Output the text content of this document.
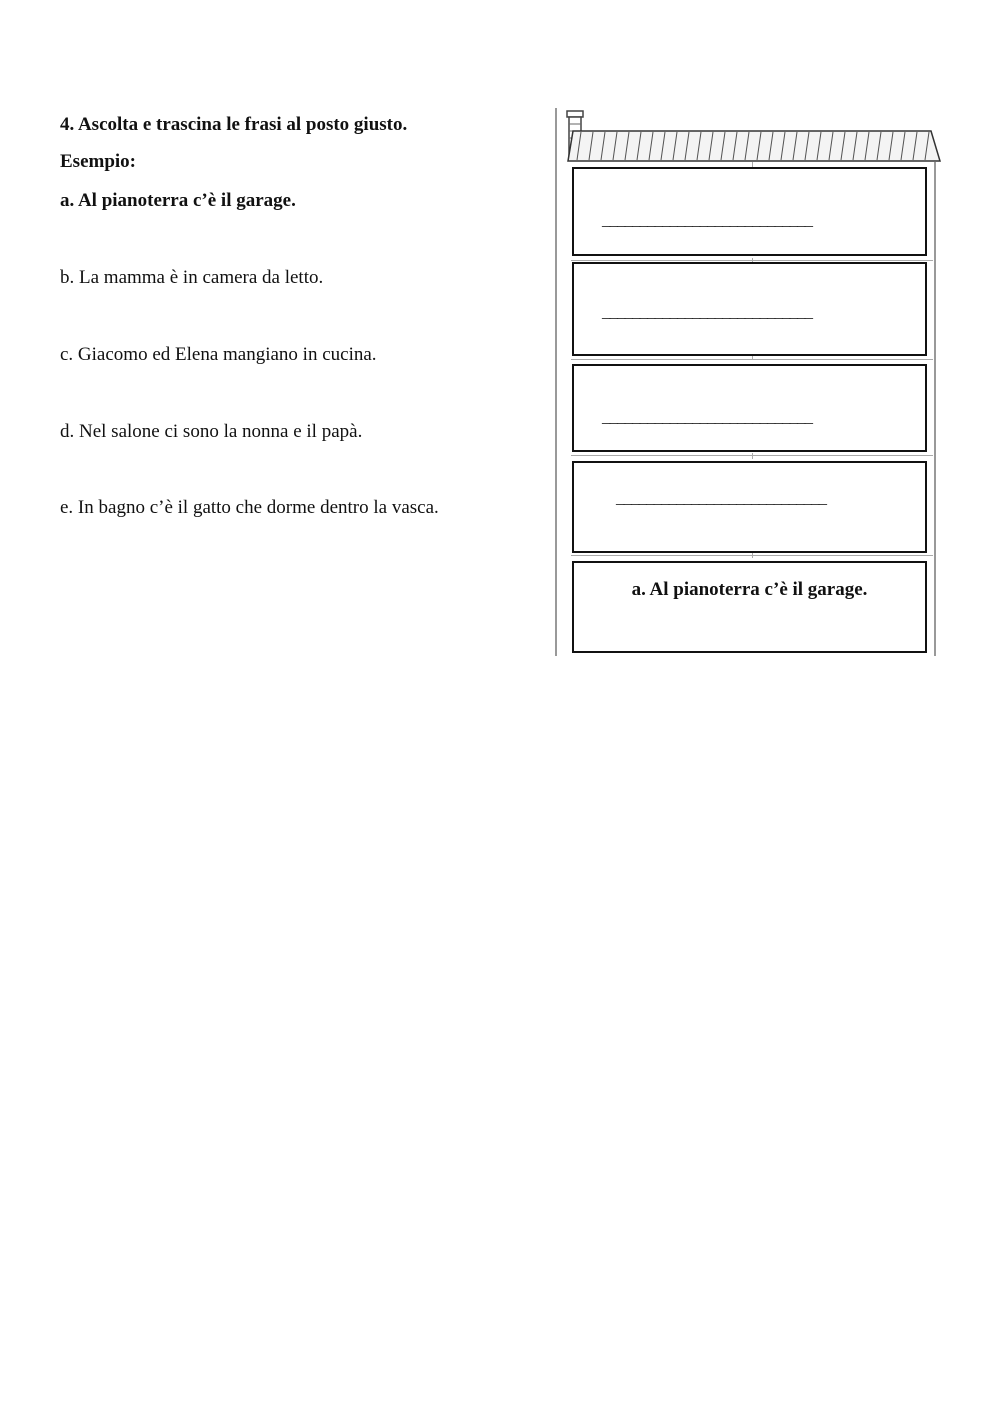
4. Ascolta e trascina le frasi al posto giusto.
Esempio:
a. Al pianoterra c’è il garage.
b. La mamma è in camera da letto.
c. Giacomo ed Elena mangiano in cucina.
d. Nel salone ci sono la nonna e il papà.
e. In bagno c’è il gatto che dorme dentro la vasca.
____________________________
____________________________
____________________________
____________________________
a. Al pianoterra c’è il garage.
